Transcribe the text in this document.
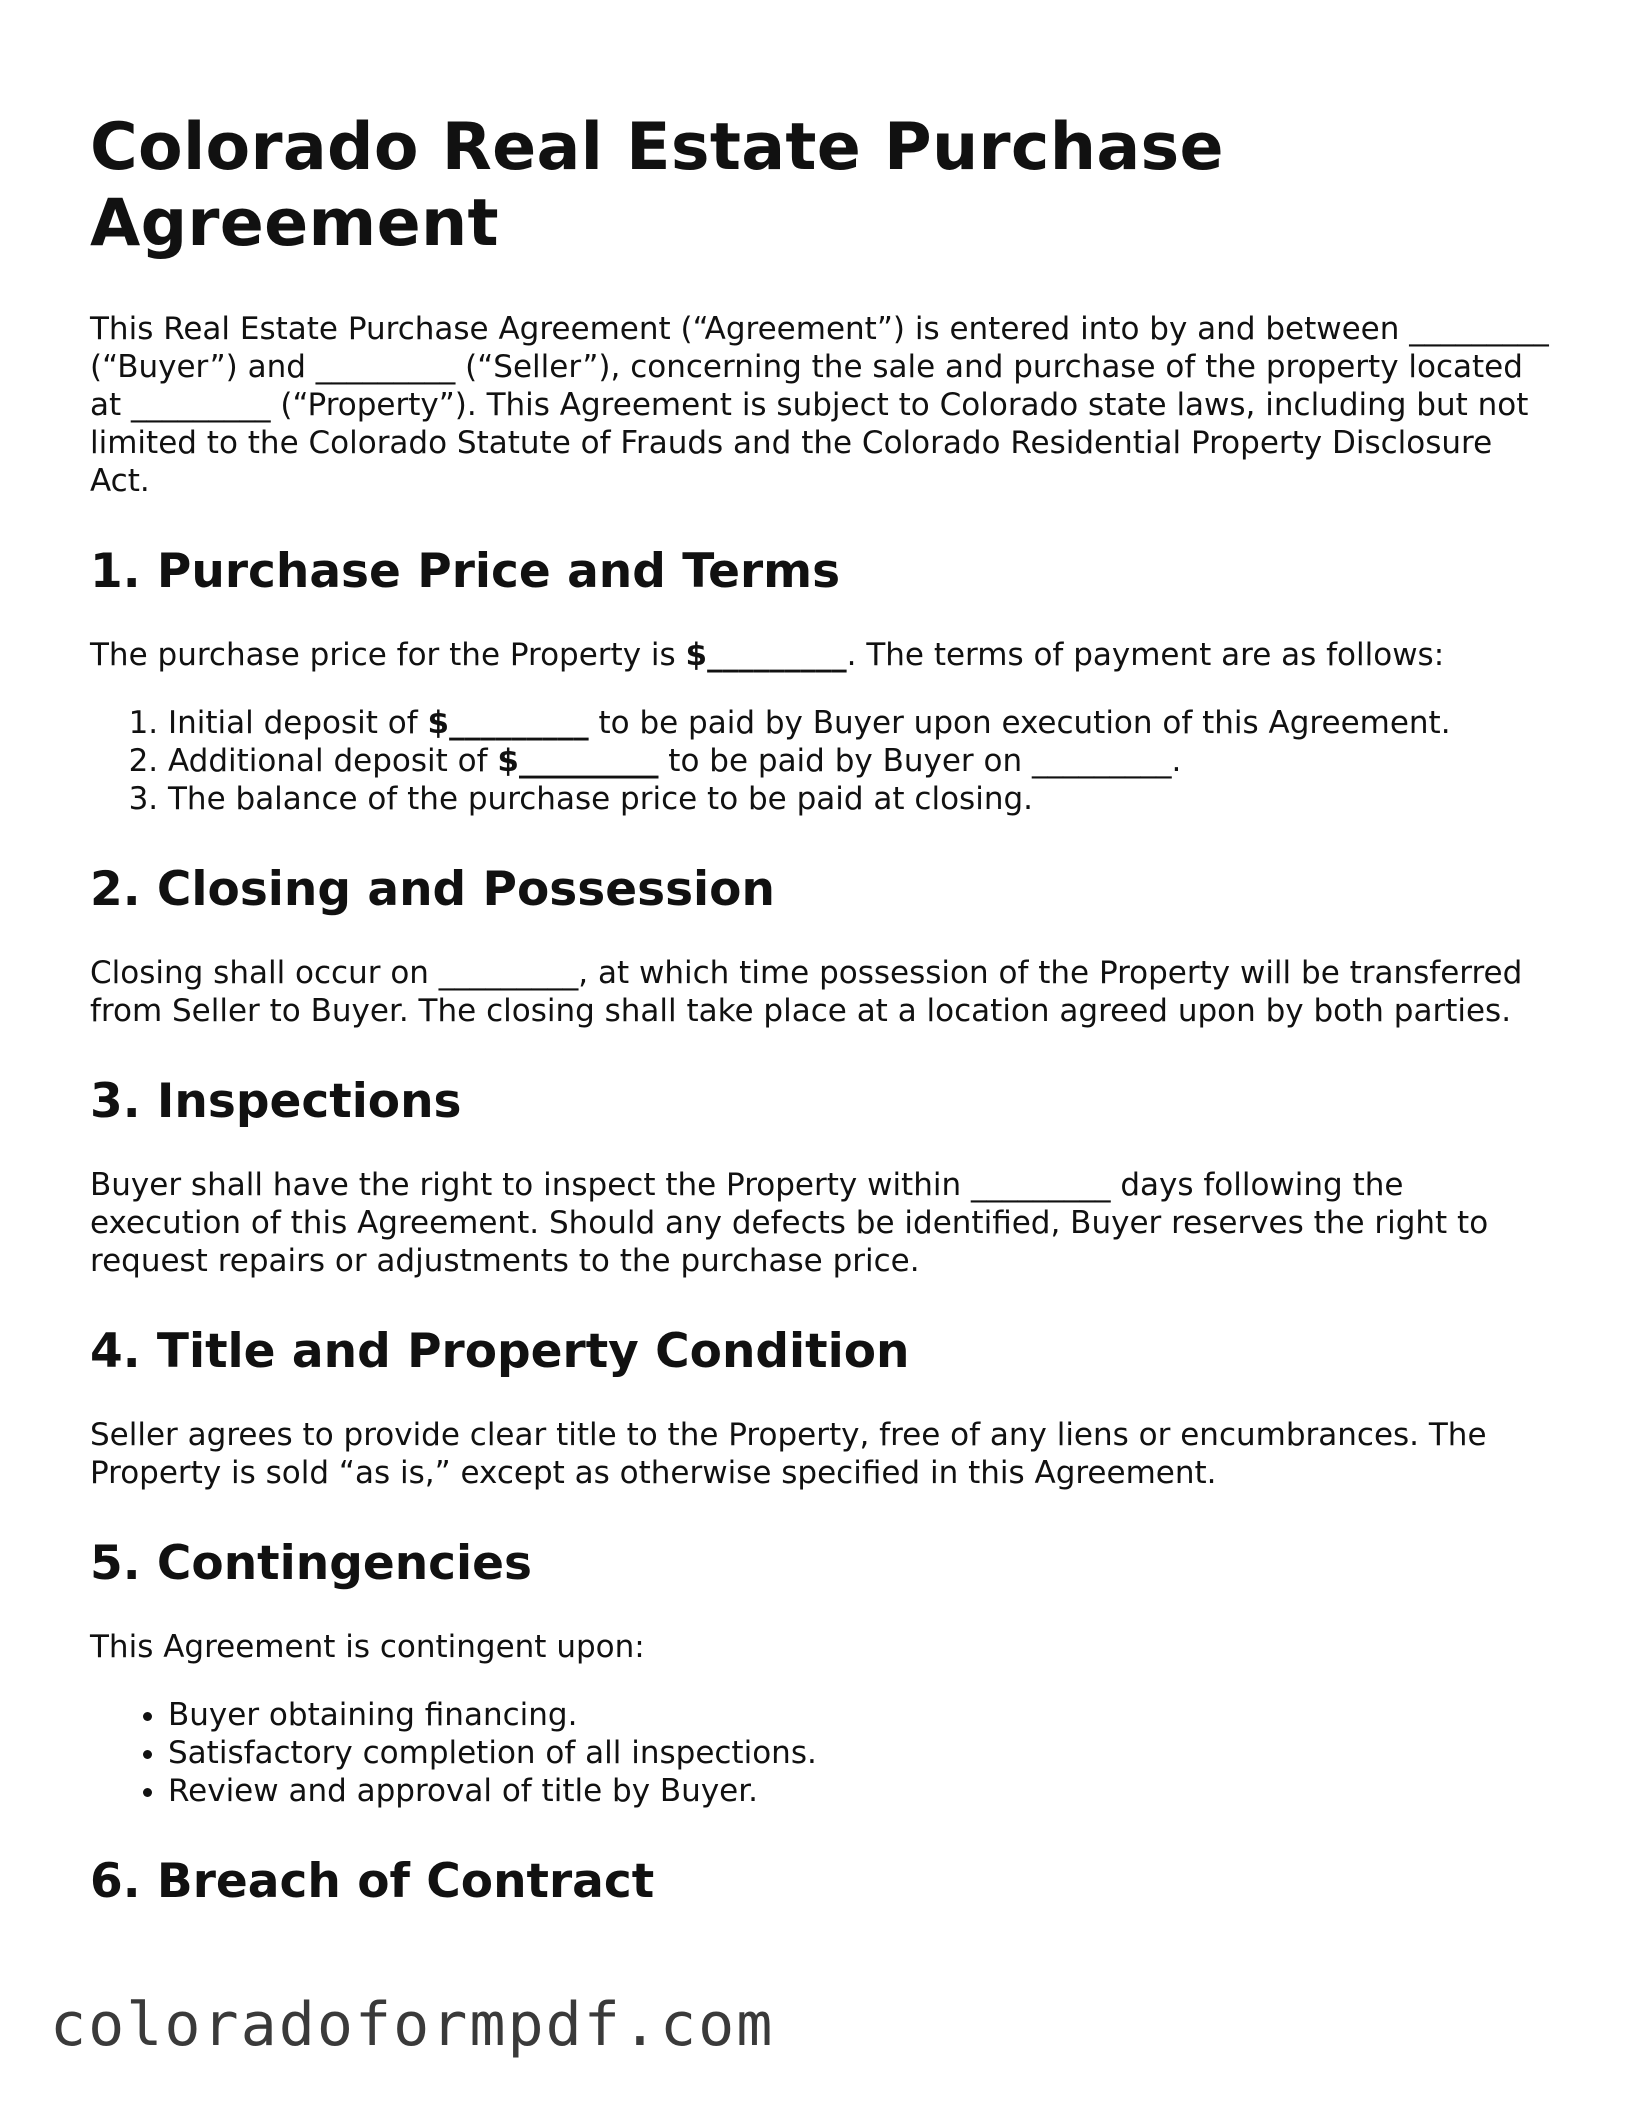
Colorado Real Estate Purchase Agreement

This Real Estate Purchase Agreement (“Agreement”) is entered into by and between _________ (“Buyer”) and _________ (“Seller”), concerning the sale and purchase of the property located at _________ (“Property”). This Agreement is subject to Colorado state laws, including but not limited to the Colorado Statute of Frauds and the Colorado Residential Property Disclosure Act.

1. Purchase Price and Terms

The purchase price for the Property is $_________. The terms of payment are as follows:

1. Initial deposit of $_________ to be paid by Buyer upon execution of this Agreement.
2. Additional deposit of $_________ to be paid by Buyer on _________.
3. The balance of the purchase price to be paid at closing.
2. Closing and Possession

Closing shall occur on _________, at which time possession of the Property will be transferred from Seller to Buyer. The closing shall take place at a location agreed upon by both parties.

3. Inspections

Buyer shall have the right to inspect the Property within _________ days following the execution of this Agreement. Should any defects be identified, Buyer reserves the right to request repairs or adjustments to the purchase price.

4. Title and Property Condition

Seller agrees to provide clear title to the Property, free of any liens or encumbrances. The Property is sold “as is,” except as otherwise specified in this Agreement.

5. Contingencies

This Agreement is contingent upon:

• Buyer obtaining financing.
• Satisfactory completion of all inspections.
• Review and approval of title by Buyer.
6. Breach of Contract
coloradoformpdf.com
